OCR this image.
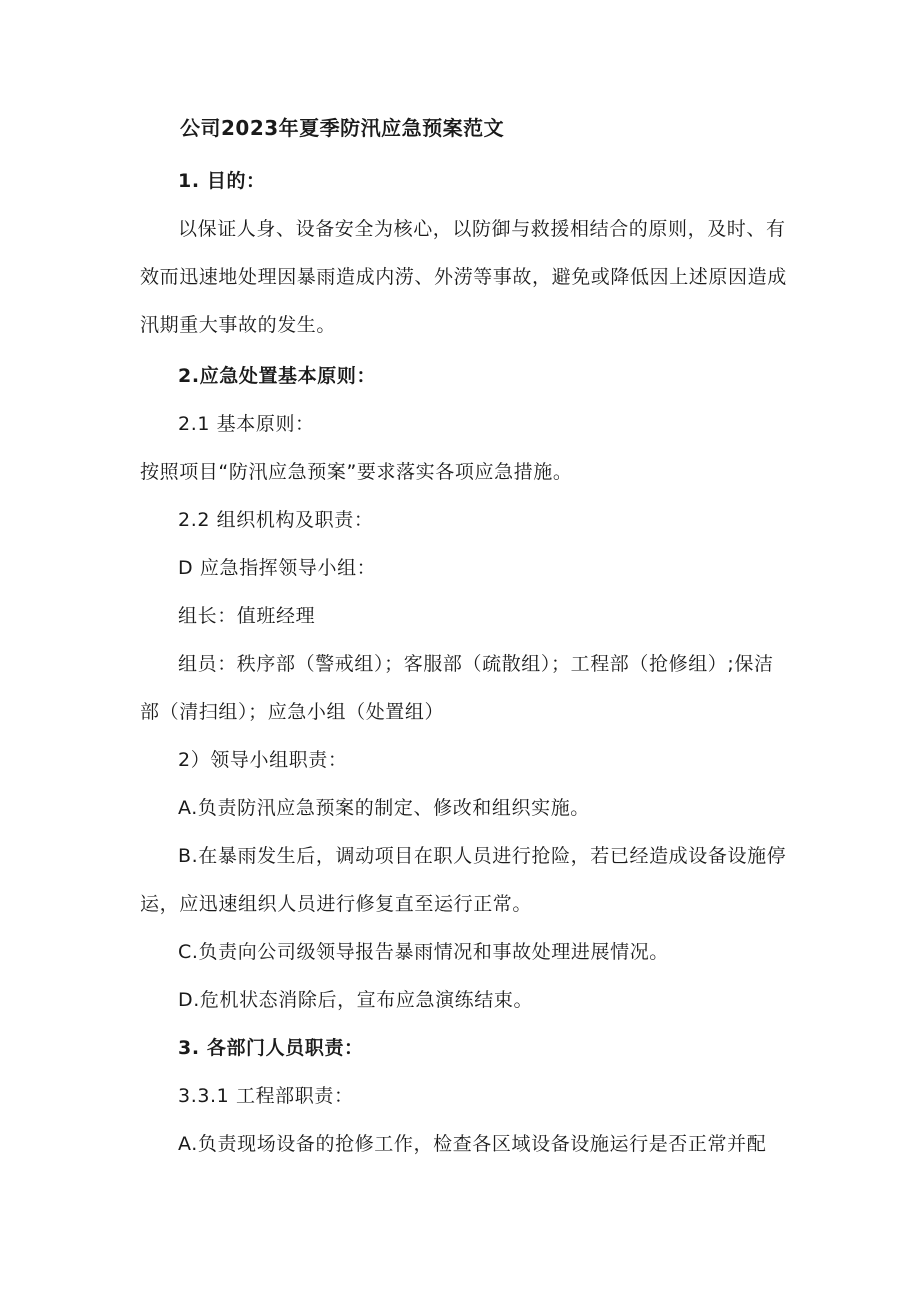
公司2023年夏季防汛应急预案范文

1. 目的：

以保证人身、设备安全为核心，以防御与救援相结合的原则，及时、有效而迅速地处理因暴雨造成内涝、外涝等事故，避免或降低因上述原因造成汛期重大事故的发生。

2.应急处置基本原则：

2.1 基本原则：

按照项目“防汛应急预案”要求落实各项应急措施。

2.2 组织机构及职责：

D 应急指挥领导小组：

组长：值班经理

组员：秩序部（警戒组）；客服部（疏散组）；工程部（抢修组）;保洁部（清扫组）；应急小组（处置组）

2）领导小组职责：

A.负责防汛应急预案的制定、修改和组织实施。

B.在暴雨发生后，调动项目在职人员进行抢险，若已经造成设备设施停运，应迅速组织人员进行修复直至运行正常。

C.负责向公司级领导报告暴雨情况和事故处理进展情况。

D.危机状态消除后，宣布应急演练结束。

3. 各部门人员职责：

3.3.1 工程部职责：

A.负责现场设备的抢修工作，检查各区域设备设施运行是否正常并配
